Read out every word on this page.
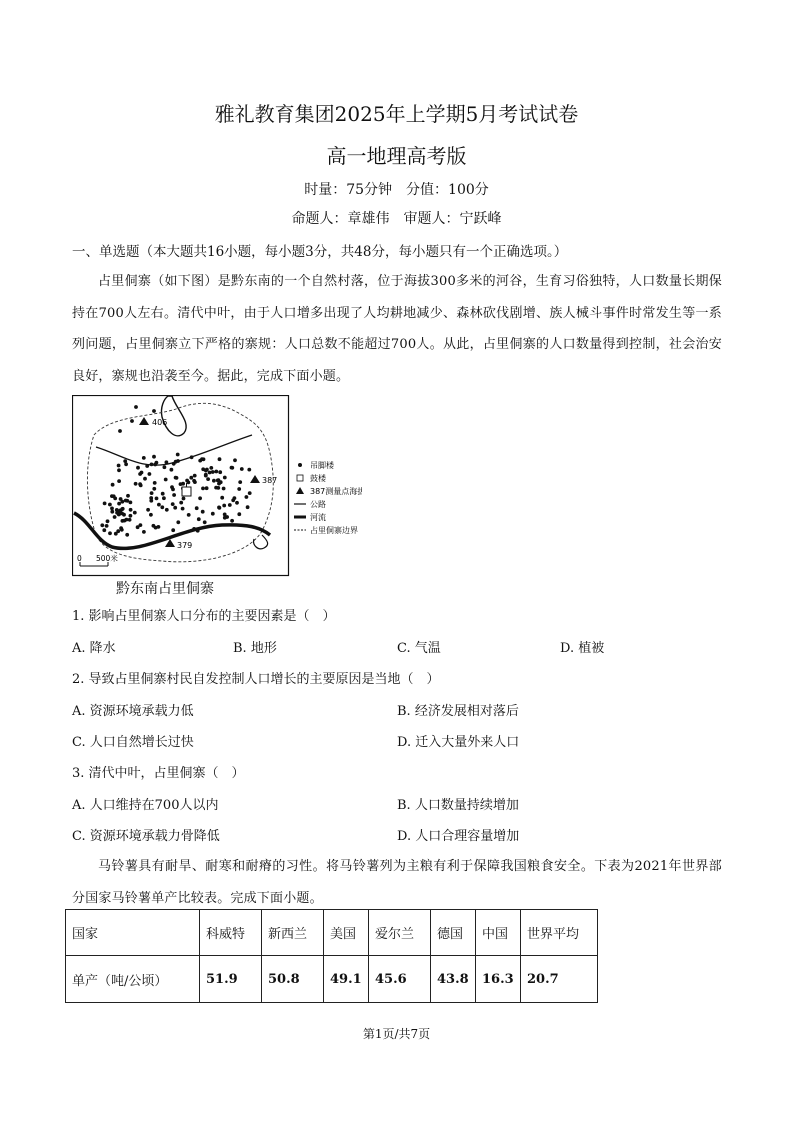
雅礼教育集团2025年上学期5月考试试卷
高一地理高考版
时量：75分钟　分值：100分
命题人：章雄伟　审题人：宁跃峰
一、单选题（本大题共16小题，每小题3分，共48分，每小题只有一个正确选项。）
占里侗寨（如下图）是黔东南的一个自然村落，位于海拔300多米的河谷，生育习俗独特，人口数量长期保持在700人左右。清代中叶，由于人口增多出现了人均耕地减少、森林砍伐剧增、族人械斗事件时常发生等一系列问题，占里侗寨立下严格的寨规：人口总数不能超过700人。从此，占里侗寨的人口数量得到控制，社会治安良好，寨规也沿袭至今。据此，完成下面小题。
406
387
379
0 500米
吊脚楼
鼓楼
387测量点海拔
公路
河流
占里侗寨边界
黔东南占里侗寨
1. 影响占里侗寨人口分布的主要因素是（　）
A. 降水	B. 地形	C. 气温	D. 植被
2. 导致占里侗寨村民自发控制人口增长的主要原因是当地（　）
A. 资源环境承载力低	B. 经济发展相对落后
C. 人口自然增长过快	D. 迁入大量外来人口
3. 清代中叶，占里侗寨（　）
A. 人口维持在700人以内	B. 人口数量持续增加
C. 资源环境承载力骨降低	D. 人口合理容量增加
马铃薯具有耐旱、耐寒和耐瘠的习性。将马铃薯列为主粮有利于保障我国粮食安全。下表为2021年世界部分国家马铃薯单产比较表。完成下面小题。
国家	科威特	新西兰	美国	爱尔兰	德国	中国	世界平均
单产（吨/公顷）	51.9	50.8	49.1	45.6	43.8	16.3	20.7
第1页/共7页
